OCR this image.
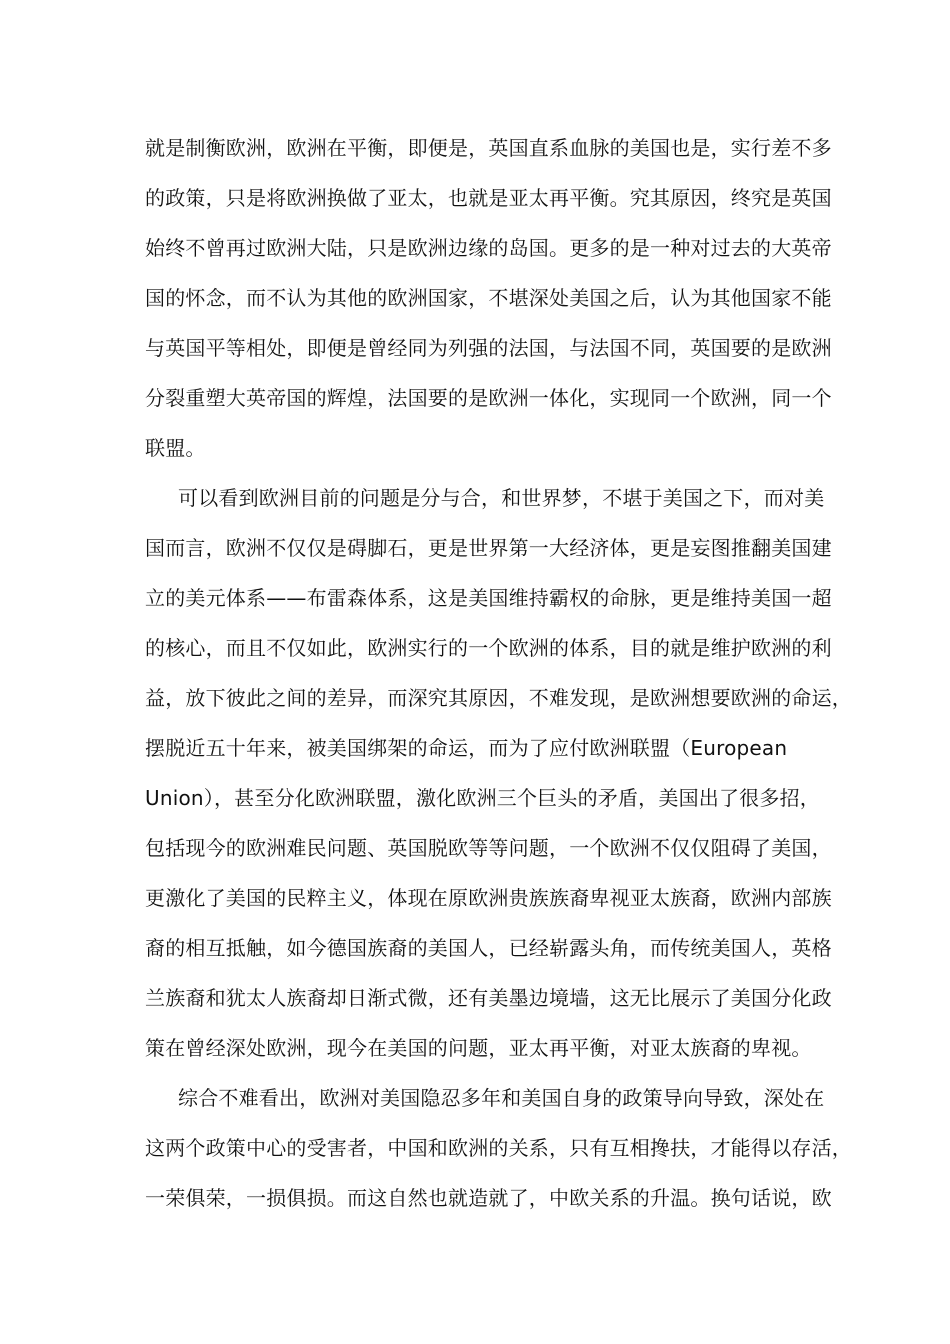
就是制衡欧洲，欧洲在平衡，即便是，英国直系血脉的美国也是，实行差不多
的政策，只是将欧洲换做了亚太，也就是亚太再平衡。究其原因，终究是英国
始终不曾再过欧洲大陆，只是欧洲边缘的岛国。更多的是一种对过去的大英帝
国的怀念，而不认为其他的欧洲国家，不堪深处美国之后，认为其他国家不能
与英国平等相处，即便是曾经同为列强的法国，与法国不同，英国要的是欧洲
分裂重塑大英帝国的辉煌，法国要的是欧洲一体化，实现同一个欧洲，同一个
联盟。
可以看到欧洲目前的问题是分与合，和世界梦，不堪于美国之下，而对美
国而言，欧洲不仅仅是碍脚石，更是世界第一大经济体，更是妄图推翻美国建
立的美元体系——布雷森体系，这是美国维持霸权的命脉，更是维持美国一超
的核心，而且不仅如此，欧洲实行的一个欧洲的体系，目的就是维护欧洲的利
益，放下彼此之间的差异，而深究其原因，不难发现，是欧洲想要欧洲的命运，
摆脱近五十年来，被美国绑架的命运，而为了应付欧洲联盟（European
Union），甚至分化欧洲联盟，激化欧洲三个巨头的矛盾，美国出了很多招，
包括现今的欧洲难民问题、英国脱欧等等问题，一个欧洲不仅仅阻碍了美国，
更激化了美国的民粹主义，体现在原欧洲贵族族裔卑视亚太族裔，欧洲内部族
裔的相互抵触，如今德国族裔的美国人，已经崭露头角，而传统美国人，英格
兰族裔和犹太人族裔却日渐式微，还有美墨边境墙，这无比展示了美国分化政
策在曾经深处欧洲，现今在美国的问题，亚太再平衡，对亚太族裔的卑视。
综合不难看出，欧洲对美国隐忍多年和美国自身的政策导向导致，深处在
这两个政策中心的受害者，中国和欧洲的关系，只有互相搀扶，才能得以存活，
一荣俱荣，一损俱损。而这自然也就造就了，中欧关系的升温。换句话说，欧
